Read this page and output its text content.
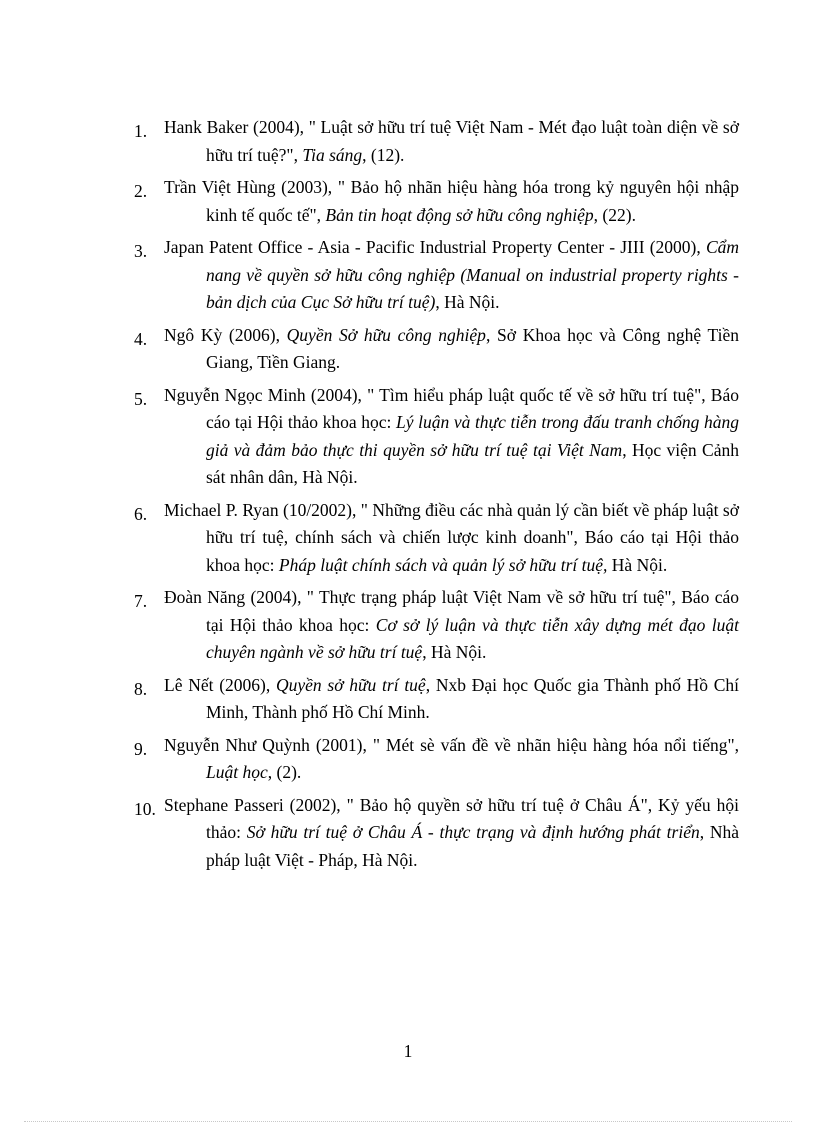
1. Hank Baker (2004), " Luật sở hữu trí tuệ Việt Nam - Mét đạo luật toàn diện về sở hữu trí tuệ?", Tia sáng, (12).
2. Trần Việt Hùng (2003), " Bảo hộ nhãn hiệu hàng hóa trong kỷ nguyên hội nhập kinh tế quốc tế", Bản tin hoạt động sở hữu công nghiệp, (22).
3. Japan Patent Office - Asia - Pacific Industrial Property Center - JIII (2000), Cẩm nang về quyền sở hữu công nghiệp (Manual on industrial property rights - bản dịch của Cục Sở hữu trí tuệ), Hà Nội.
4. Ngô Kỳ (2006), Quyền Sở hữu công nghiệp, Sở Khoa học và Công nghệ Tiền Giang, Tiền Giang.
5. Nguyễn Ngọc Minh (2004), " Tìm hiểu pháp luật quốc tế về sở hữu trí tuệ", Báo cáo tại Hội thảo khoa học: Lý luận và thực tiễn trong đấu tranh chống hàng giả và đảm bảo thực thi quyền sở hữu trí tuệ tại Việt Nam, Học viện Cảnh sát nhân dân, Hà Nội.
6. Michael P. Ryan (10/2002), " Những điều các nhà quản lý cần biết về pháp luật sở hữu trí tuệ, chính sách và chiến lược kinh doanh", Báo cáo tại Hội thảo khoa học: Pháp luật chính sách và quản lý sở hữu trí tuệ, Hà Nội.
7. Đoàn Năng (2004), " Thực trạng pháp luật Việt Nam về sở hữu trí tuệ", Báo cáo tại Hội thảo khoa học: Cơ sở lý luận và thực tiễn xây dựng mét đạo luật chuyên ngành về sở hữu trí tuệ, Hà Nội.
8. Lê Nết (2006), Quyền sở hữu trí tuệ, Nxb Đại học Quốc gia Thành phố Hồ Chí Minh, Thành phố Hồ Chí Minh.
9. Nguyễn Như Quỳnh (2001), " Mét sè vấn đề về nhãn hiệu hàng hóa nổi tiếng", Luật học, (2).
10. Stephane Passeri (2002), " Bảo hộ quyền sở hữu trí tuệ ở Châu Á", Kỷ yếu hội thảo: Sở hữu trí tuệ ở Châu Á - thực trạng và định hướng phát triển, Nhà pháp luật Việt - Pháp, Hà Nội.
1
